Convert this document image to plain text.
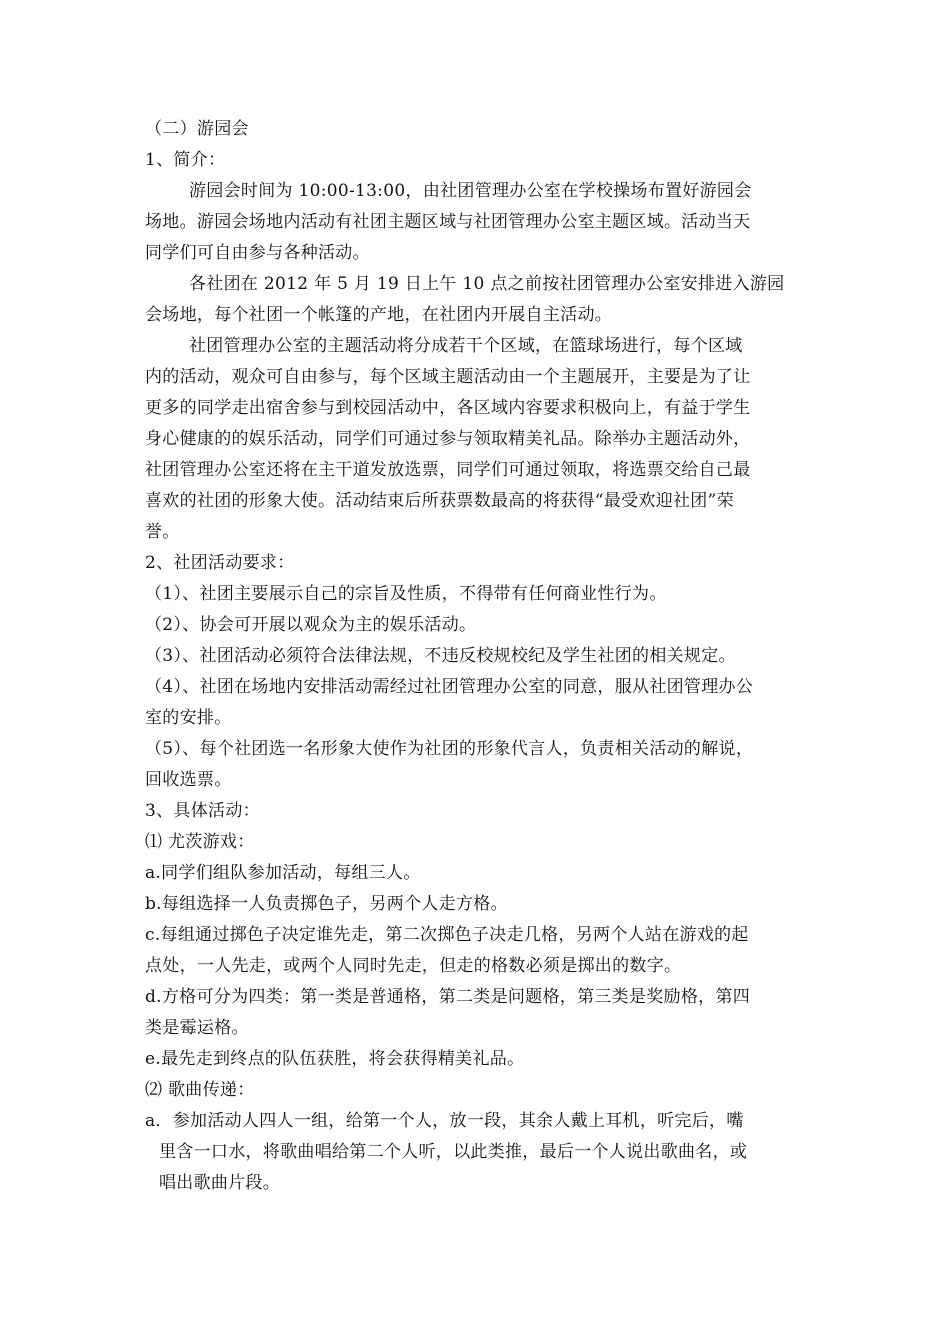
（二）游园会
1、简介：
游园会时间为 10:00-13:00，由社团管理办公室在学校操场布置好游园会
场地。游园会场地内活动有社团主题区域与社团管理办公室主题区域。活动当天
同学们可自由参与各种活动。
各社团在 2012 年 5 月 19 日上午 10 点之前按社团管理办公室安排进入游园
会场地，每个社团一个帐篷的产地，在社团内开展自主活动。
社团管理办公室的主题活动将分成若干个区域，在篮球场进行，每个区域
内的活动，观众可自由参与，每个区域主题活动由一个主题展开，主要是为了让
更多的同学走出宿舍参与到校园活动中，各区域内容要求积极向上，有益于学生
身心健康的的娱乐活动，同学们可通过参与领取精美礼品。除举办主题活动外，
社团管理办公室还将在主干道发放选票，同学们可通过领取，将选票交给自己最
喜欢的社团的形象大使。活动结束后所获票数最高的将获得“最受欢迎社团”荣
誉。
2、社团活动要求：
（1）、社团主要展示自己的宗旨及性质，不得带有任何商业性行为。
（2）、协会可开展以观众为主的娱乐活动。
（3）、社团活动必须符合法律法规，不违反校规校纪及学生社团的相关规定。
（4）、社团在场地内安排活动需经过社团管理办公室的同意，服从社团管理办公
室的安排。
（5）、每个社团选一名形象大使作为社团的形象代言人，负责相关活动的解说，
回收选票。
3、具体活动：
⑴ 尤茨游戏：
a.同学们组队参加活动，每组三人。
b.每组选择一人负责掷色子，另两个人走方格。
c.每组通过掷色子决定谁先走，第二次掷色子决走几格，另两个人站在游戏的起
点处，一人先走，或两个人同时先走，但走的格数必须是掷出的数字。
d.方格可分为四类：第一类是普通格，第二类是问题格，第三类是奖励格，第四
类是霉运格。
e.最先走到终点的队伍获胜，将会获得精美礼品。
⑵ 歌曲传递：
a．参加活动人四人一组，给第一个人，放一段，其余人戴上耳机，听完后，嘴
里含一口水，将歌曲唱给第二个人听，以此类推，最后一个人说出歌曲名，或
唱出歌曲片段。
